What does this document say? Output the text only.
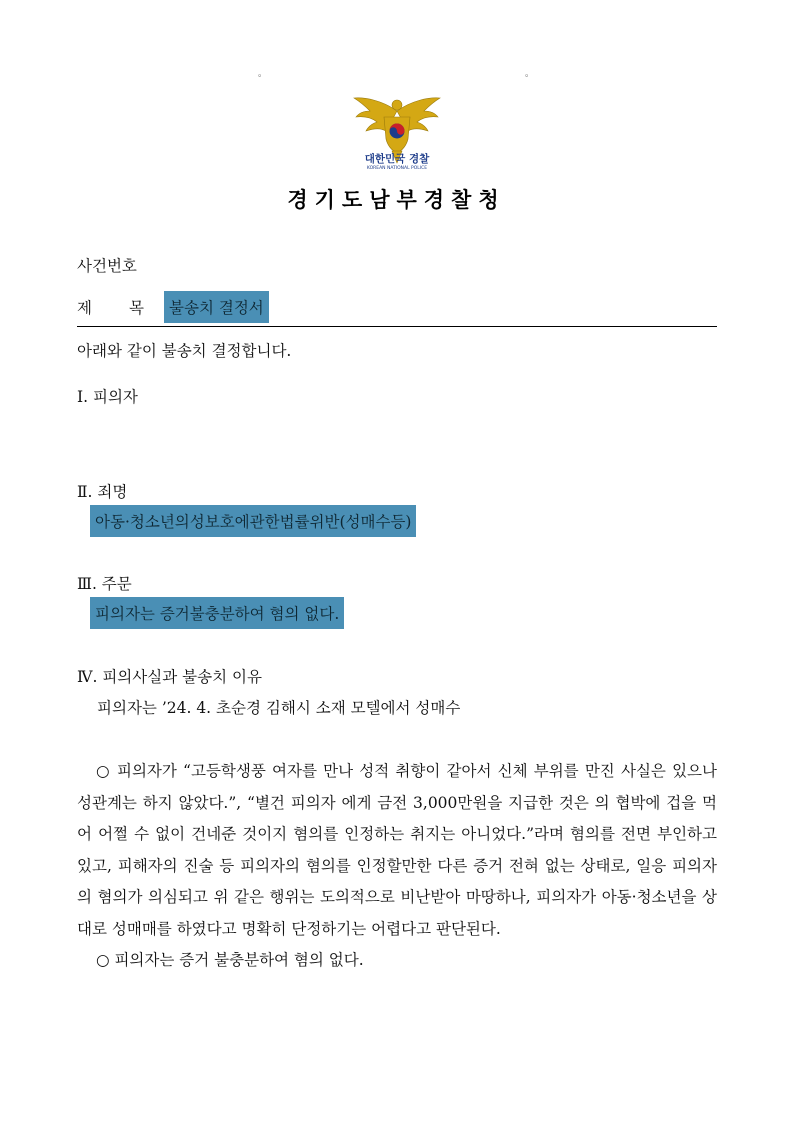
。	。
대한민국 경찰
KOREAN NATIONAL POLICE
경기도남부경찰청
사건번호
제 목	불송치 결정서
아래와 같이 불송치 결정합니다.
Ⅰ. 피의자
Ⅱ. 죄명
아동·청소년의성보호에관한법률위반(성매수등)
Ⅲ. 주문
피의자는 증거불충분하여 혐의 없다.
Ⅳ. 피의사실과 불송치 이유
피의자는 ’24. 4. 초순경 김해시 소재 모텔에서 성매수

○ 피의자가 “고등학생풍 여자를 만나 성적 취향이 같아서 신체 부위를 만진 사실은 있으나 성관계는 하지 않았다.”, “별건 피의자 에게 금전 3,000만원을 지급한 것은 의 협박에 겁을 먹어 어쩔 수 없이 건네준 것이지 혐의를 인정하는 취지는 아니었다.”라며 혐의를 전면 부인하고 있고, 피해자의 진술 등 피의자의 혐의를 인정할만한 다른 증거 전혀 없는 상태로, 일응 피의자의 혐의가 의심되고 위 같은 행위는 도의적으로 비난받아 마땅하나, 피의자가 아동·청소년을 상대로 성매매를 하였다고 명확히 단정하기는 어렵다고 판단된다.

○ 피의자는 증거 불충분하여 혐의 없다.
